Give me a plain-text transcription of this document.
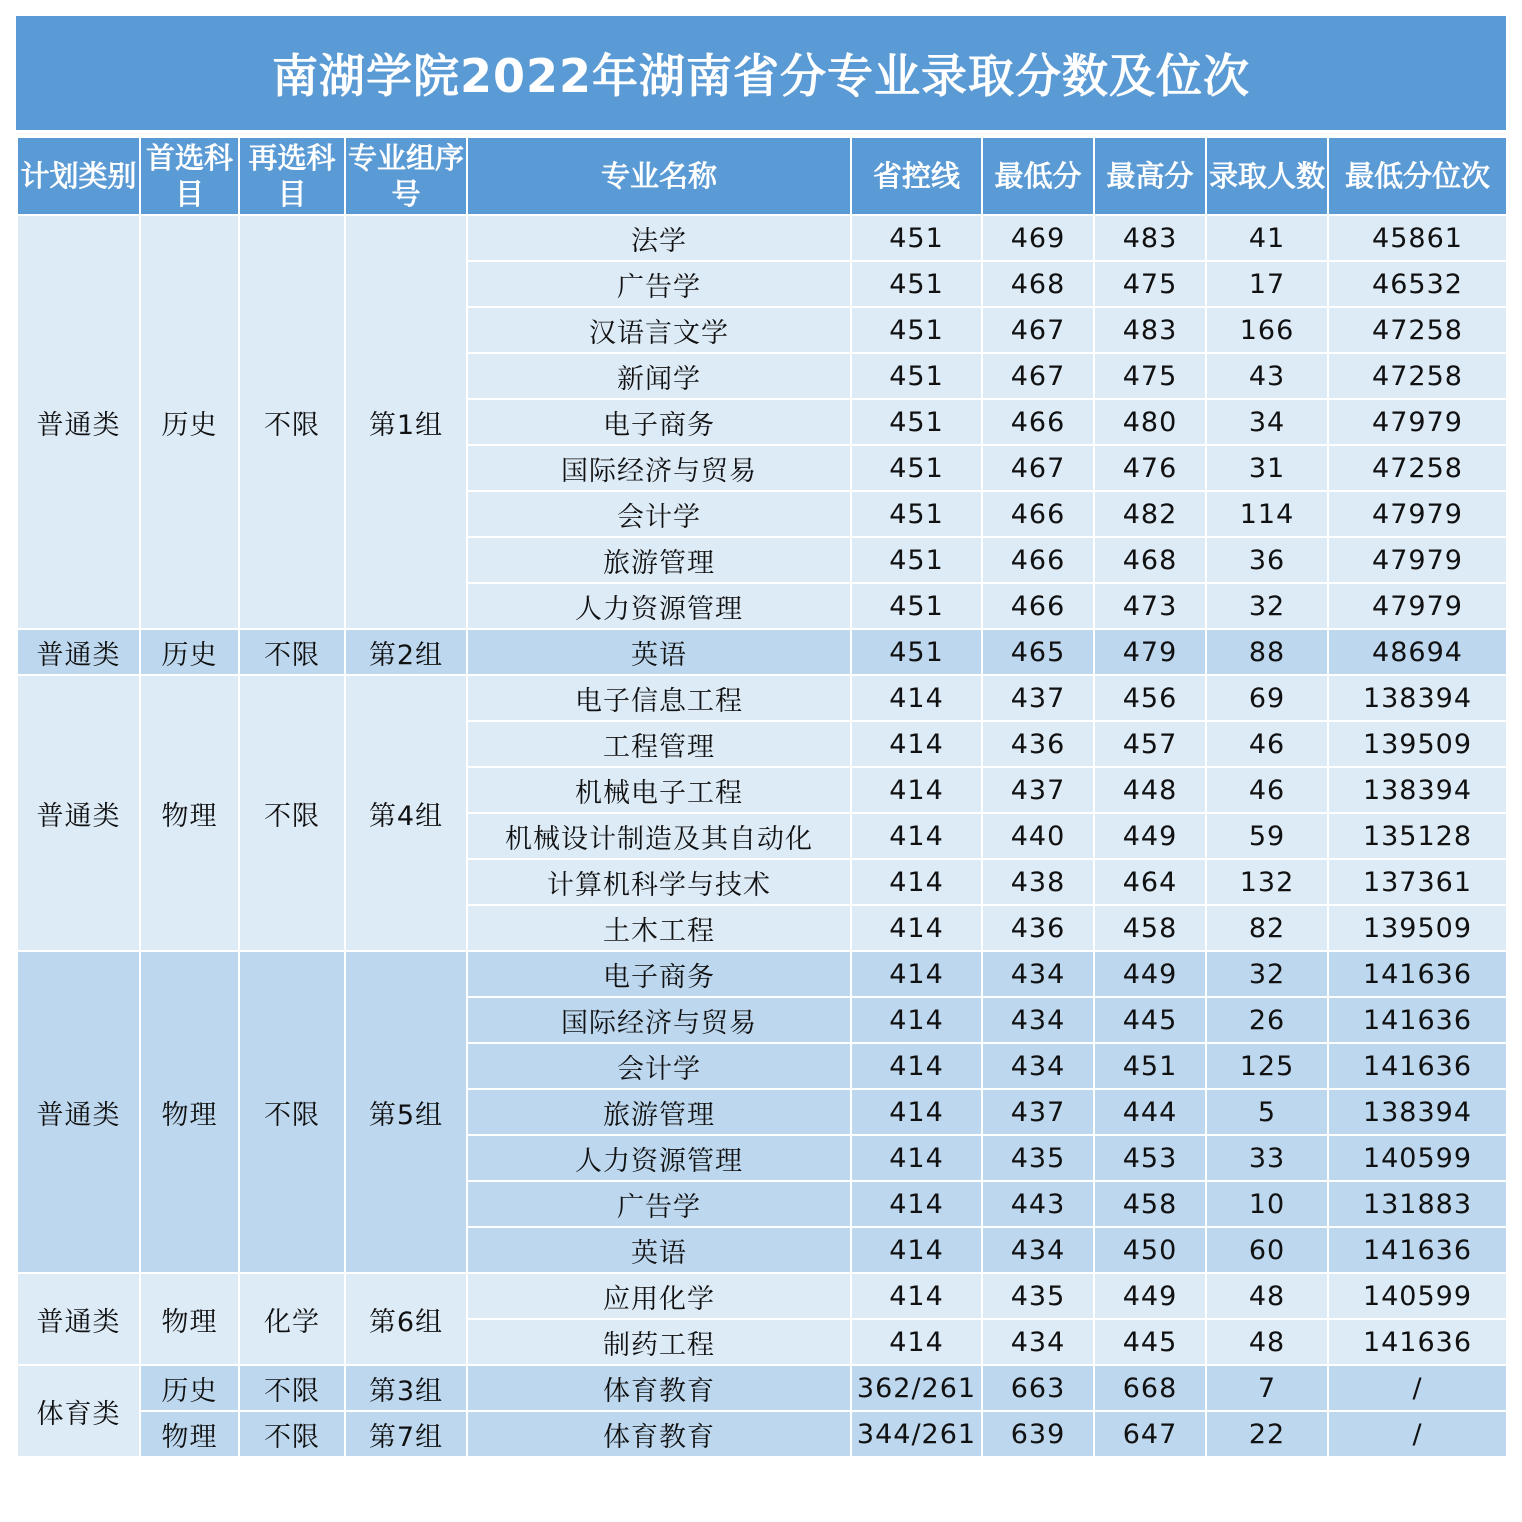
南湖学院2022年湖南省分专业录取分数及位次
计划类别	首选科目	再选科目	专业组序号	专业名称	省控线	最低分	最高分	录取人数	最低分位次
普通类	历史	不限	第1组	法学	451	469	483	41	45861
				广告学	451	468	475	17	46532
				汉语言文学	451	467	483	166	47258
				新闻学	451	467	475	43	47258
				电子商务	451	466	480	34	47979
				国际经济与贸易	451	467	476	31	47258
				会计学	451	466	482	114	47979
				旅游管理	451	466	468	36	47979
				人力资源管理	451	466	473	32	47979
普通类	历史	不限	第2组	英语	451	465	479	88	48694
普通类	物理	不限	第4组	电子信息工程	414	437	456	69	138394
				工程管理	414	436	457	46	139509
				机械电子工程	414	437	448	46	138394
				机械设计制造及其自动化	414	440	449	59	135128
				计算机科学与技术	414	438	464	132	137361
				土木工程	414	436	458	82	139509
普通类	物理	不限	第5组	电子商务	414	434	449	32	141636
				国际经济与贸易	414	434	445	26	141636
				会计学	414	434	451	125	141636
				旅游管理	414	437	444	5	138394
				人力资源管理	414	435	453	33	140599
				广告学	414	443	458	10	131883
				英语	414	434	450	60	141636
普通类	物理	化学	第6组	应用化学	414	435	449	48	140599
				制药工程	414	434	445	48	141636
体育类	历史	不限	第3组	体育教育	362/261	663	668	7	/
	物理	不限	第7组	体育教育	344/261	639	647	22	/
